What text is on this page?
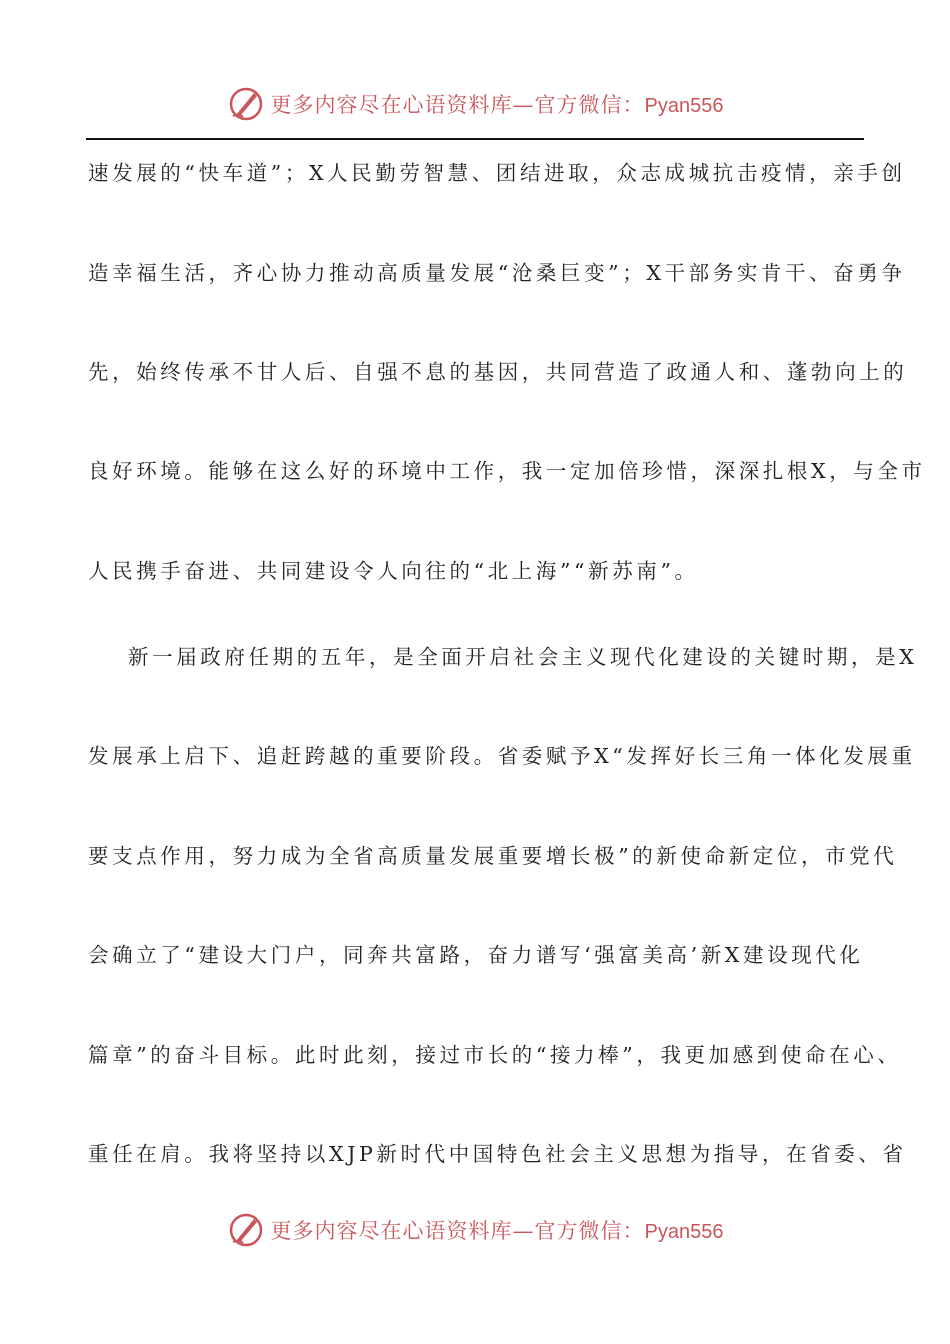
更多内容尽在心语资料库—官方微信：Pyan556
速发展的“快车道”；X人民勤劳智慧、团结进取，众志成城抗击疫情，亲手创
造幸福生活，齐心协力推动高质量发展“沧桑巨变”；X干部务实肯干、奋勇争
先，始终传承不甘人后、自强不息的基因，共同营造了政通人和、蓬勃向上的
良好环境。能够在这么好的环境中工作，我一定加倍珍惜，深深扎根X，与全市
人民携手奋进、共同建设令人向往的“北上海”“新苏南”。
新一届政府任期的五年，是全面开启社会主义现代化建设的关键时期，是X
发展承上启下、追赶跨越的重要阶段。省委赋予X“发挥好长三角一体化发展重
要支点作用，努力成为全省高质量发展重要增长极”的新使命新定位，市党代
会确立了“建设大门户，同奔共富路，奋力谱写‘强富美高’新X建设现代化
篇章”的奋斗目标。此时此刻，接过市长的“接力棒”，我更加感到使命在心、
重任在肩。我将坚持以XJP新时代中国特色社会主义思想为指导，在省委、省
更多内容尽在心语资料库—官方微信：Pyan556
